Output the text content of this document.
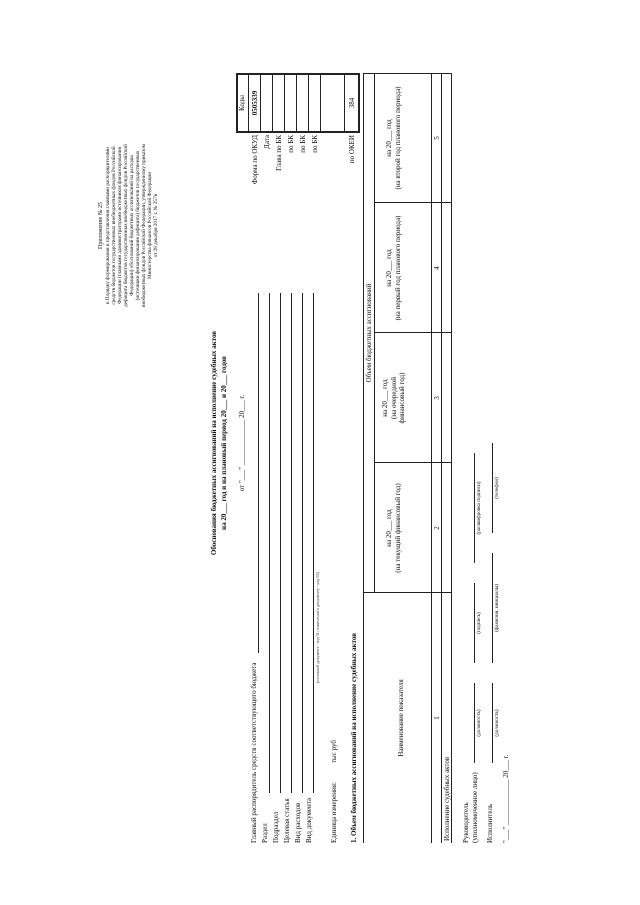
Приложение № 25 к Порядку формирования и представления главными распорядителями средств бюджетов государственных внебюджетных фондов Российской Федерации (главными администраторами источников финансирования дефицита бюджетов государственных внебюджетных фондов Российской Федерации) обоснований бюджетных ассигнований на расходы (источники финансирования дефицита) бюджетов государственных внебюджетных фондов Российской Федерации, утвержденному приказом Министерства финансов Российской Федерации от 28 декабря 2017 г. № 257н
Обоснования бюджетных ассигнований на исполнение судебных актов на 20___ год и на плановый период 20___ и 20___ годов от "___" _____________ 20___ г.
Коды
Форма по ОКУД
0505339
Дата Глава по БК по БК по БК по БК	по ОКЕИ
384
Главный распорядитель средств соответствующего бюджета Раздел Подраздел Целевая статья Вид расходов Вид документа
(основной документ - код 01; изменения к документу - код 02)
Единица измерения:
тыс руб 1. Объем бюджетных ассигнований на исполнение судебных актов	Наименование показателя
Объем бюджетных ассигнований
на 20___ год (на текущий финансовый год)
на 20___ год (на очередной финансовый год)
на 20___ год (на первый год планового периода)
на 20___ год (на второй год планового периода)
1
2
3
4
5
Исполнение судебных актов Руководитель (уполномоченное лицо)
(должность)
(подпись)
(расшифровка подписи)
Исполнитель
(должность)
(фамилия, инициалы)
(телефон)
"___" _____________ 20___ г.
